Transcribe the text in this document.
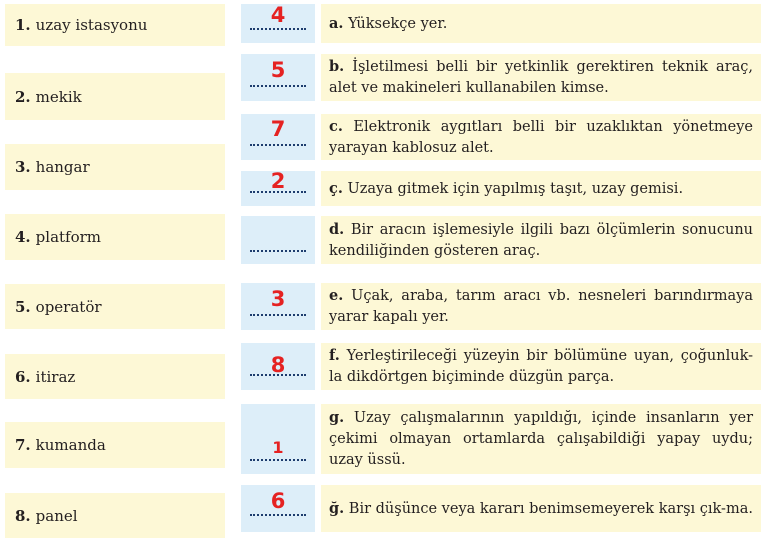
1. uzay istasyonu
2. mekik
3. hangar
4. platform
5. operatör
6. itiraz
7. kumanda
8. panel
4
5
7
2
3
8
1
6
a. Yüksekçe yer.
b. İşletilmesi belli bir yetkinlik gerektiren teknik araç, alet ve makineleri kullanabilen kimse.
c. Elektronik aygıtları belli bir uzaklıktan yönetmeye yarayan kablosuz alet.
ç. Uzaya gitmek için yapılmış taşıt, uzay gemisi.
d. Bir aracın işlemesiyle ilgili bazı ölçümlerin sonucunu kendiliğinden gösteren araç.
e. Uçak, araba, tarım aracı vb. nesneleri barındırmaya yarar kapalı yer.
f. Yerleştirileceği yüzeyin bir bölümüne uyan, çoğunluk-la dikdörtgen biçiminde düzgün parça.
g. Uzay çalışmalarının yapıldığı, içinde insanların yer çekimi olmayan ortamlarda çalışabildiği yapay uydu; uzay üssü.
ğ. Bir düşünce veya kararı benimsemeyerek karşı çık-ma.
